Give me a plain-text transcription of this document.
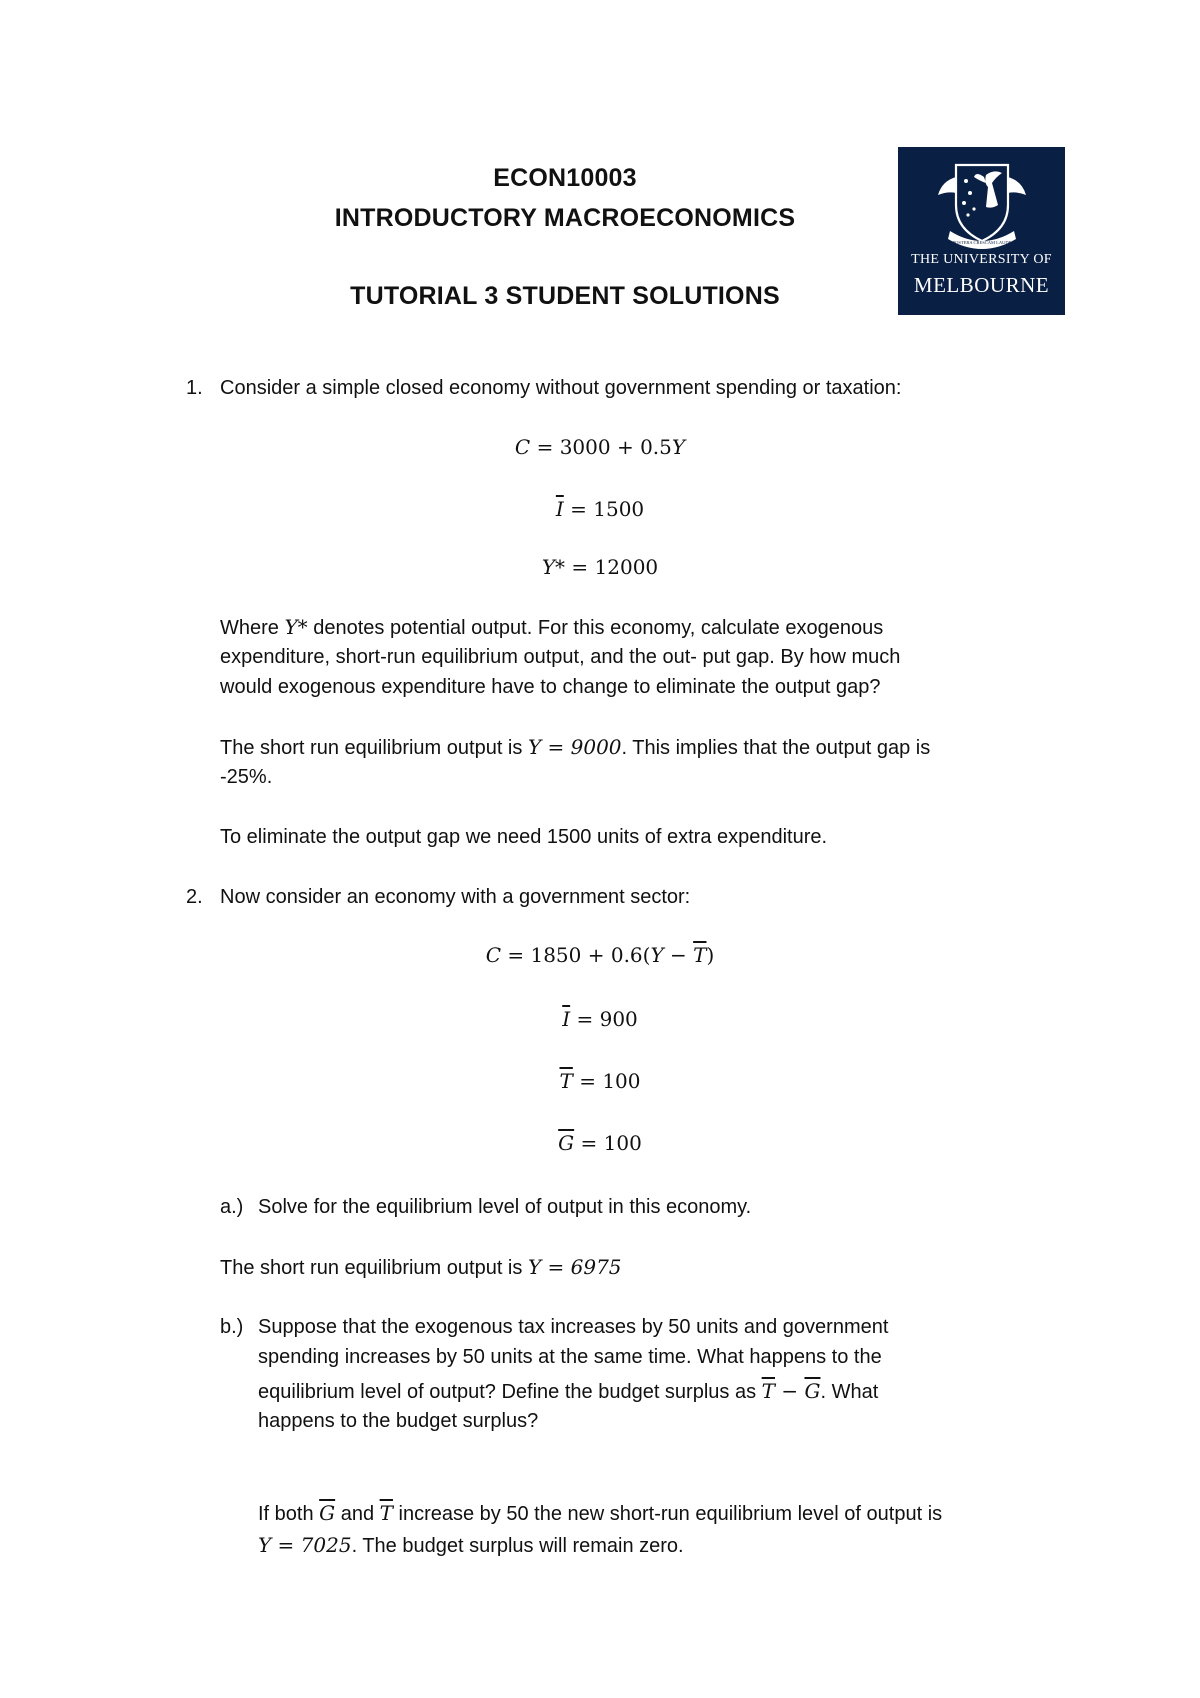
ECON10003
INTRODUCTORY MACROECONOMICS
TUTORIAL 3 STUDENT SOLUTIONS
POSTERA CRESCAM LAUDE
THE UNIVERSITY OF
MELBOURNE
1. Consider a simple closed economy without government spending or taxation:
𝐶 = 3000 + 0.5𝑌
$\overline{I} = 1500$
𝑌* = 12000
Where Y* denotes potential output. For this economy, calculate exogenous
expenditure, short-run equilibrium output, and the out- put gap. By how much
would exogenous expenditure have to change to eliminate the output gap?
The short run equilibrium output is Y = 9000. This implies that the output gap is
-25%.
To eliminate the output gap we need 1500 units of extra expenditure.
2. Now consider an economy with a government sector:
𝐶 = 1850 + 0.6(𝑌 − $\overline{T}$)
$\overline{I} = 900$
$\overline{T} = 100$
$\overline{G} = 100$
a.) Solve for the equilibrium level of output in this economy.
The short run equilibrium output is Y = 6975
b.) Suppose that the exogenous tax increases by 50 units and government
spending increases by 50 units at the same time. What happens to the
equilibrium level of output? Define the budget surplus as $\overline{T} - \overline{G}$. What
happens to the budget surplus?
If both $\overline{G}$ and $\overline{T}$ increase by 50 the new short-run equilibrium level of output is
Y = 7025. The budget surplus will remain zero.
